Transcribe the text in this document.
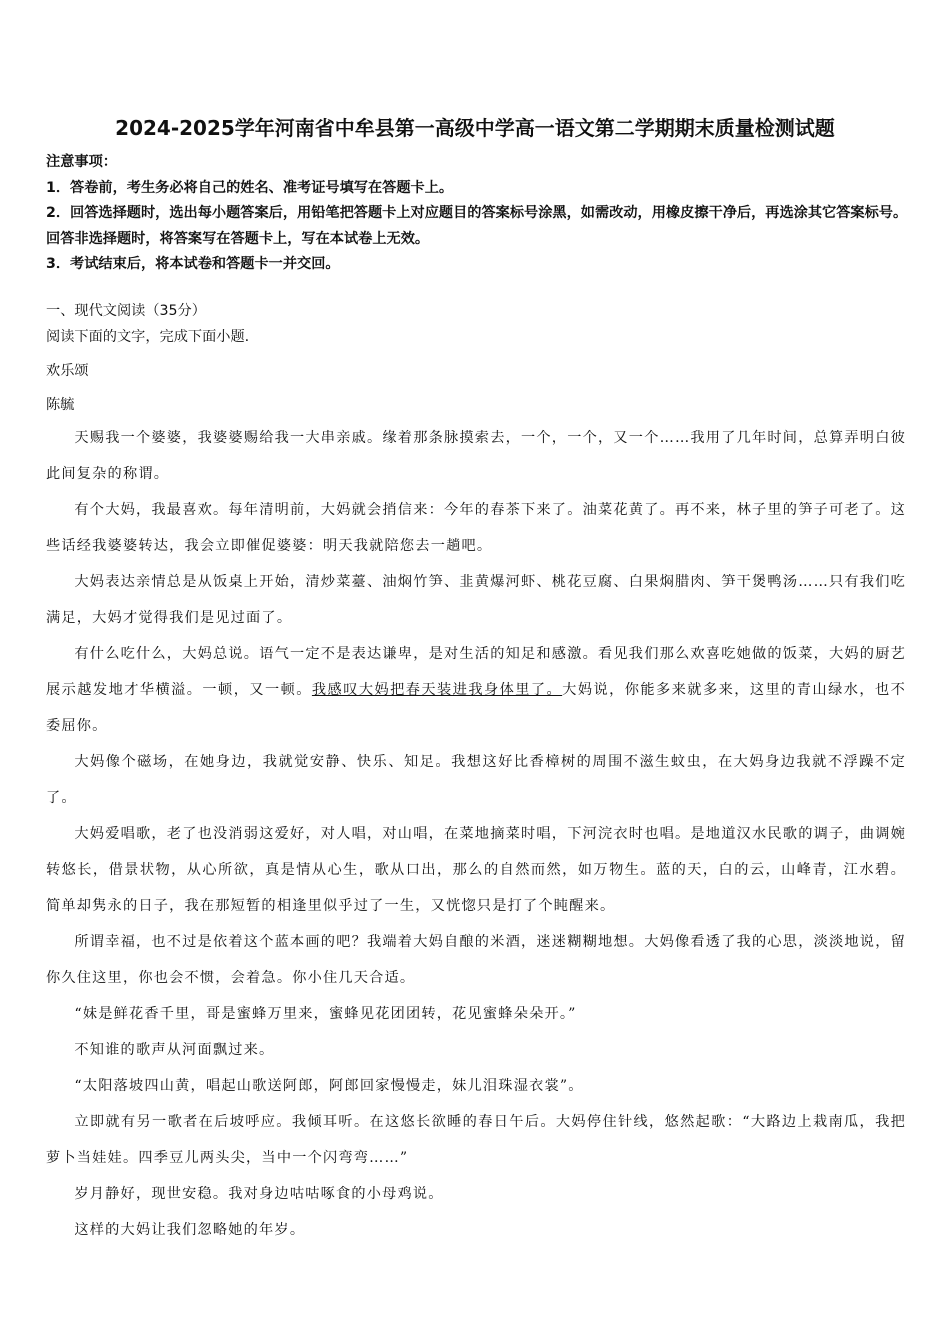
2024-2025学年河南省中牟县第一高级中学高一语文第二学期期末质量检测试题

注意事项：

1．答卷前，考生务必将自己的姓名、准考证号填写在答题卡上。

2．回答选择题时，选出每小题答案后，用铅笔把答题卡上对应题目的答案标号涂黑，如需改动，用橡皮擦干净后，再选涂其它答案标号。回答非选择题时，将答案写在答题卡上，写在本试卷上无效。

3．考试结束后，将本试卷和答题卡一并交回。

一、现代文阅读（35分）
阅读下面的文字，完成下面小题.
欢乐颂
陈毓

天赐我一个婆婆，我婆婆赐给我一大串亲戚。缘着那条脉摸索去，一个，一个，又一个……我用了几年时间，总算弄明白彼此间复杂的称谓。

有个大妈，我最喜欢。每年清明前，大妈就会捎信来：今年的春茶下来了。油菜花黄了。再不来，林子里的笋子可老了。这些话经我婆婆转达，我会立即催促婆婆：明天我就陪您去一趟吧。

大妈表达亲情总是从饭桌上开始，清炒菜薹、油焖竹笋、韭黄爆河虾、桃花豆腐、白果焖腊肉、笋干煲鸭汤……只有我们吃满足，大妈才觉得我们是见过面了。

有什么吃什么，大妈总说。语气一定不是表达谦卑，是对生活的知足和感激。看见我们那么欢喜吃她做的饭菜，大妈的厨艺展示越发地才华横溢。一顿，又一顿。我感叹大妈把春天装进我身体里了。大妈说，你能多来就多来，这里的青山绿水，也不委屈你。

大妈像个磁场，在她身边，我就觉安静、快乐、知足。我想这好比香樟树的周围不滋生蚊虫，在大妈身边我就不浮躁不定了。

大妈爱唱歌，老了也没消弱这爱好，对人唱，对山唱，在菜地摘菜时唱，下河浣衣时也唱。是地道汉水民歌的调子，曲调婉转悠长，借景状物，从心所欲，真是情从心生，歌从口出，那么的自然而然，如万物生。蓝的天，白的云，山峰青，江水碧。简单却隽永的日子，我在那短暂的相逢里似乎过了一生，又恍惚只是打了个盹醒来。

所谓幸福，也不过是依着这个蓝本画的吧？我端着大妈自酿的米酒，迷迷糊糊地想。大妈像看透了我的心思，淡淡地说，留你久住这里，你也会不惯，会着急。你小住几天合适。

“妹是鲜花香千里，哥是蜜蜂万里来，蜜蜂见花团团转，花见蜜蜂朵朵开。”

不知谁的歌声从河面飘过来。

“太阳落坡四山黄，唱起山歌送阿郎，阿郎回家慢慢走，妹儿泪珠湿衣裳”。

立即就有另一歌者在后坡呼应。我倾耳听。在这悠长欲睡的春日午后。大妈停住针线，悠然起歌：“大路边上栽南瓜，我把萝卜当娃娃。四季豆儿两头尖，当中一个闪弯弯……”

岁月静好，现世安稳。我对身边咕咕啄食的小母鸡说。

这样的大妈让我们忽略她的年岁。
